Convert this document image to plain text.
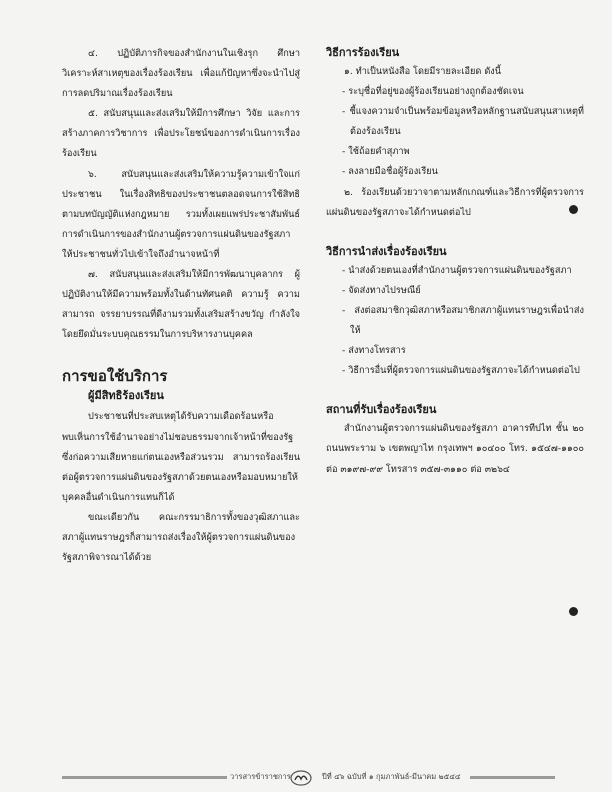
๔. ปฏิบัติภารกิจของสำนักงานในเชิงรุก ศึกษา วิเคราะห์สาเหตุของเรื่องร้องเรียน เพื่อแก้ปัญหาซึ่งจะนำไปสู่การลดปริมาณเรื่องร้องเรียน

๕. สนับสนุนและส่งเสริมให้มีการศึกษา วิจัย และการสร้างภาคการวิชาการ เพื่อประโยชน์ของการดำเนินการเรื่องร้องเรียน

๖. สนับสนุนและส่งเสริมให้ความรู้ความเข้าใจแก่ประชาชน ในเรื่องสิทธิของประชาชนตลอดจนการใช้สิทธิตามบทบัญญัติแห่งกฎหมาย รวมทั้งเผยแพร่ประชาสัมพันธ์การดำเนินการของสำนักงานผู้ตรวจการแผ่นดินของรัฐสภาให้ประชาชนทั่วไปเข้าใจถึงอำนาจหน้าที่

๗. สนับสนุนและส่งเสริมให้มีการพัฒนาบุคลากร ผู้ปฏิบัติงานให้มีความพร้อมทั้งในด้านทัศนคติ ความรู้ ความสามารถ จรรยาบรรณที่ดีงามรวมทั้งเสริมสร้างขวัญ กำลังใจ โดยยึดมั่นระบบคุณธรรมในการบริหารงานบุคคล

การขอใช้บริการ
ผู้มีสิทธิร้องเรียน

ประชาชนที่ประสบเหตุได้รับความเดือดร้อนหรือพบเห็นการใช้อำนาจอย่างไม่ชอบธรรมจากเจ้าหน้าที่ของรัฐ ซึ่งก่อความเสียหายแก่ตนเองหรือส่วนรวม สามารถร้องเรียนต่อผู้ตรวจการแผ่นดินของรัฐสภาด้วยตนเองหรือมอบหมายให้บุคคลอื่นดำเนินการแทนก็ได้

ขณะเดียวกัน คณะกรรมาธิการทั้งของวุฒิสภาและสภาผู้แทนราษฎรก็สามารถส่งเรื่องให้ผู้ตรวจการแผ่นดินของรัฐสภาพิจารณาได้ด้วย

วิธีการร้องเรียน

๑. ทำเป็นหนังสือ โดยมีรายละเอียด ดังนี้

- ระบุชื่อที่อยู่ของผู้ร้องเรียนอย่างถูกต้องชัดเจน

- ชี้แจงความจำเป็นพร้อมข้อมูลหรือหลักฐานสนับสนุนสาเหตุที่ต้องร้องเรียน

- ใช้ถ้อยคำสุภาพ

- ลงลายมือชื่อผู้ร้องเรียน

๒. ร้องเรียนด้วยวาจาตามหลักเกณฑ์และวิธีการที่ผู้ตรวจการแผ่นดินของรัฐสภาจะได้กำหนดต่อไป

วิธีการนำส่งเรื่องร้องเรียน

- นำส่งด้วยตนเองที่สำนักงานผู้ตรวจการแผ่นดินของรัฐสภา

- จัดส่งทางไปรษณีย์

- ส่งต่อสมาชิกวุฒิสภาหรือสมาชิกสภาผู้แทนราษฎรเพื่อนำส่งให้

- ส่งทางโทรสาร

- วิธีการอื่นที่ผู้ตรวจการแผ่นดินของรัฐสภาจะได้กำหนดต่อไป

สถานที่รับเรื่องร้องเรียน

สำนักงานผู้ตรวจการแผ่นดินของรัฐสภา อาคารทีปไท ชั้น ๒๐ ถนนพระราม ๖ เขตพญาไท กรุงเทพฯ ๑๐๔๐๐ โทร. ๑๕๔๗-๑๑๐๐ ต่อ ๓๑๙๗-๙๙ โทรสาร ๓๕๗-๓๑๑๐ ต่อ ๓๒๖๔

วารสารข้าราชการ	ปีที่ ๔๖ ฉบับที่ ๑ กุมภาพันธ์-มีนาคม ๒๕๔๔
